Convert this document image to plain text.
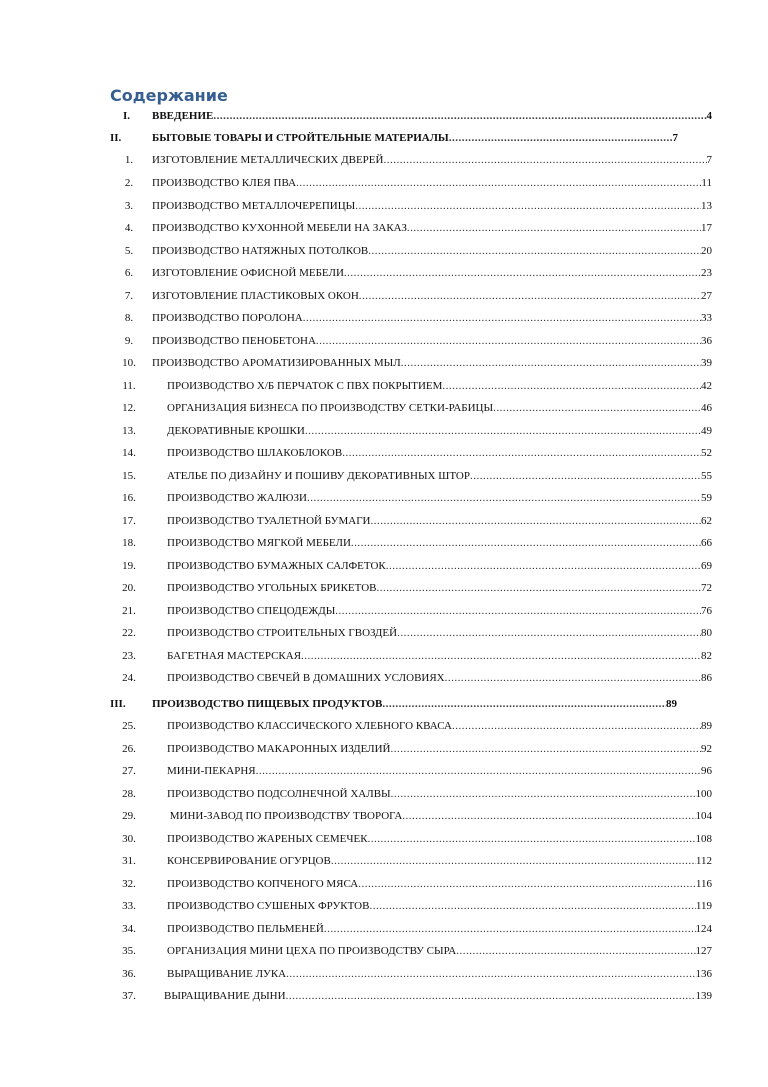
Содержание
I.	ВВЕДЕНИЕ .....	4
II.	БЫТОВЫЕ ТОВАРЫ И СТРОЙТЕЛЬНЫЕ МАТЕРИАЛЫ .....	7
1.	ИЗГОТОВЛЕНИЕ МЕТАЛЛИЧЕСКИХ ДВЕРЕЙ .....	7
2.	ПРОИЗВОДСТВО КЛЕЯ ПВА .....	11
3.	ПРОИЗВОДСТВО МЕТАЛЛОЧЕРЕПИЦЫ .....	13
4.	ПРОИЗВОДСТВО КУХОННОЙ МЕБЕЛИ НА ЗАКАЗ .....	17
5.	ПРОИЗВОДСТВО НАТЯЖНЫХ ПОТОЛКОВ .....	20
6.	ИЗГОТОВЛЕНИЕ ОФИСНОЙ МЕБЕЛИ .....	23
7.	ИЗГОТОВЛЕНИЕ ПЛАСТИКОВЫХ ОКОН .....	27
8.	ПРОИЗВОДСТВО ПОРОЛОНА .....	33
9.	ПРОИЗВОДСТВО ПЕНОБЕТОНА .....	36
10.	ПРОИЗВОДСТВО АРОМАТИЗИРОВАННЫХ МЫЛ .....	39
11.	ПРОИЗВОДСТВО Х/Б ПЕРЧАТОК С ПВХ ПОКРЫТИЕМ .....	42
12.	ОРГАНИЗАЦИЯ БИЗНЕСА ПО ПРОИЗВОДСТВУ СЕТКИ-РАБИЦЫ .....	46
13.	ДЕКОРАТИВНЫЕ КРОШКИ .....	49
14.	ПРОИЗВОДСТВО ШЛАКОБЛОКОВ .....	52
15.	АТЕЛЬЕ ПО ДИЗАЙНУ И ПОШИВУ ДЕКОРАТИВНЫХ ШТОР .....	55
16.	ПРОИЗВОДСТВО ЖАЛЮЗИ .....	59
17.	ПРОИЗВОДСТВО ТУАЛЕТНОЙ БУМАГИ .....	62
18.	ПРОИЗВОДСТВО МЯГКОЙ МЕБЕЛИ .....	66
19.	ПРОИЗВОДСТВО БУМАЖНЫХ САЛФЕТОК .....	69
20.	ПРОИЗВОДСТВО УГОЛЬНЫХ БРИКЕТОВ .....	72
21.	ПРОИЗВОДСТВО СПЕЦОДЕЖДЫ .....	76
22.	ПРОИЗВОДСТВО СТРОИТЕЛЬНЫХ ГВОЗДЕЙ .....	80
23.	БАГЕТНАЯ МАСТЕРСКАЯ .....	82
24.	ПРОИЗВОДСТВО СВЕЧЕЙ В ДОМАШНИХ УСЛОВИЯХ .....	86
III.	ПРОИЗВОДСТВО ПИЩЕВЫХ ПРОДУКТОВ .....	89
25.	ПРОИЗВОДСТВО КЛАССИЧЕСКОГО ХЛЕБНОГО КВАСА .....	89
26.	ПРОИЗВОДСТВО МАКАРОННЫХ ИЗДЕЛИЙ .....	92
27.	МИНИ-ПЕКАРНЯ .....	96
28.	ПРОИЗВОДСТВО ПОДСОЛНЕЧНОЙ ХАЛВЫ .....	100
29.	МИНИ-ЗАВОД ПО ПРОИЗВОДСТВУ ТВОРОГА .....	104
30.	ПРОИЗВОДСТВО ЖАРЕНЫХ СЕМЕЧЕК .....	108
31.	КОНСЕРВИРОВАНИЕ ОГУРЦОВ .....	112
32.	ПРОИЗВОДСТВО КОПЧЕНОГО МЯСА .....	116
33.	ПРОИЗВОДСТВО СУШЕНЫХ ФРУКТОВ .....	119
34.	ПРОИЗВОДСТВО ПЕЛЬМЕНЕЙ .....	124
35.	ОРГАНИЗАЦИЯ МИНИ ЦЕХА ПО ПРОИЗВОДСТВУ СЫРА .....	127
36.	ВЫРАЩИВАНИЕ ЛУКА .....	136
37.	ВЫРАЩИВАНИЕ ДЫНИ .....	139
